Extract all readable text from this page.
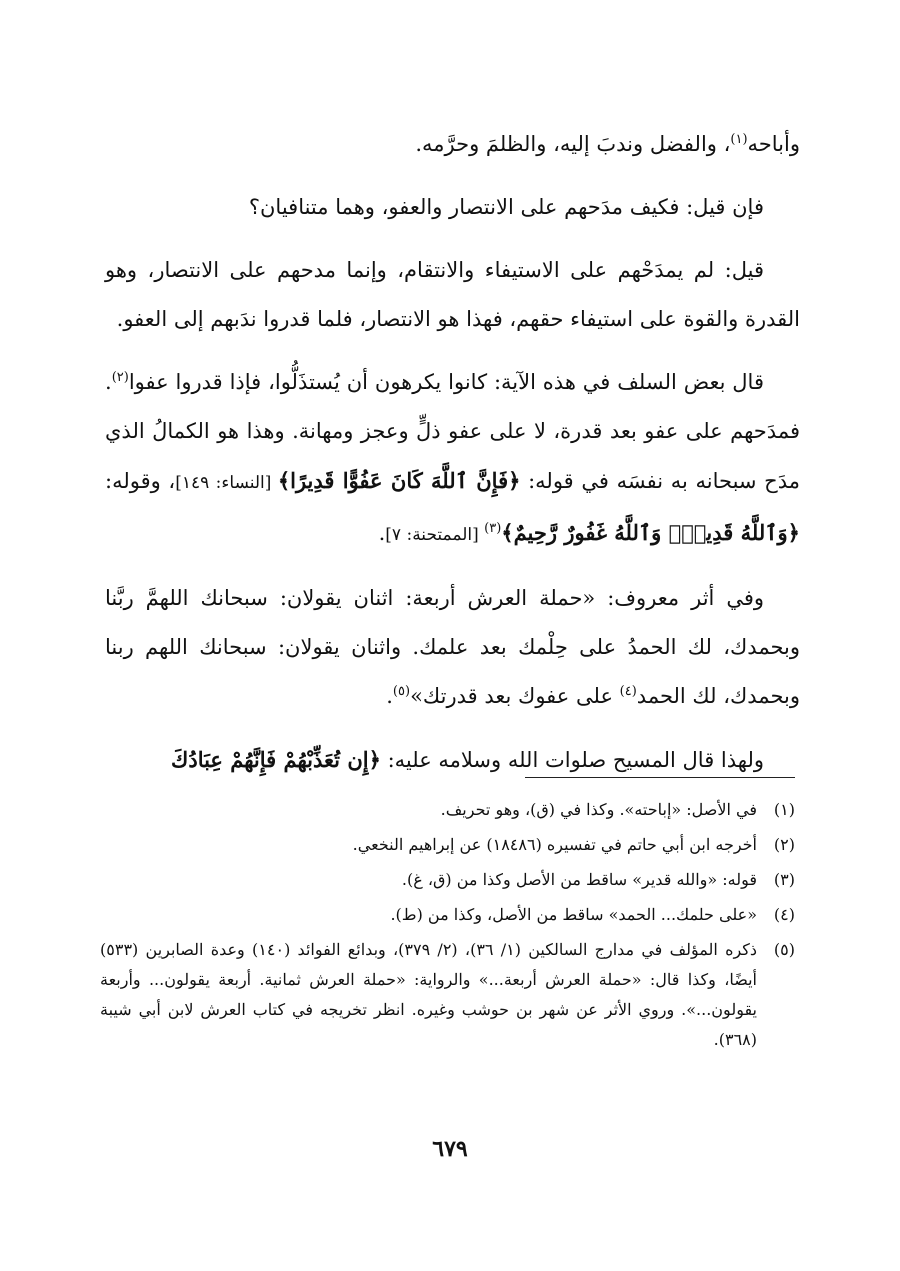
وأباحه$^{(١)}$، والفضل وندبَ إليه، والظلمَ وحرَّمه.

فإن قيل: فكيف مدَحهم على الانتصار والعفو، وهما متنافيان؟

قيل: لم يمدَحْهم على الاستيفاء والانتقام، وإنما مدحهم على الانتصار، وهو القدرة والقوة على استيفاء حقهم، فهذا هو الانتصار، فلما قدروا ندَبهم إلى العفو.

قال بعض السلف في هذه الآية: كانوا يكرهون أن يُستذَلُّوا، فإذا قدروا عفوا$^{(٢)}$. فمدَحهم على عفو بعد قدرة، لا على عفو ذلٍّ وعجز ومهانة. وهذا هو الكمالُ الذي مدَح سبحانه به نفسَه في قوله: ﴿فَإِنَّ ٱللَّهَ كَانَ عَفُوًّا قَدِيرًا﴾ [النساء: ١٤٩]، وقوله: ﴿وَٱللَّهُ قَدِيرٌۚ وَٱللَّهُ غَفُورٌ رَّحِيمٌ﴾$^{(٣)}$ [الممتحنة: ٧].

وفي أثر معروف: «حملة العرش أربعة: اثنان يقولان: سبحانك اللهمَّ ربَّنا وبحمدك، لك الحمدُ على حِلْمك بعد علمك. واثنان يقولان: سبحانك اللهم ربنا وبحمدك، لك الحمد$^{(٤)}$ على عفوك بعد قدرتك»$^{(٥)}$.

ولهذا قال المسيح صلوات الله وسلامه عليه: ﴿إِن تُعَذِّبْهُمْ فَإِنَّهُمْ عِبَادُكَ

(١)
في الأصل: «إباحته». وكذا في (ق)، وهو تحريف.
(٢)
أخرجه ابن أبي حاتم في تفسيره (١٨٤٨٦) عن إبراهيم النخعي.
(٣)
قوله: «والله قدير» ساقط من الأصل وكذا من (ق، غ).
(٤)
«على حلمك... الحمد» ساقط من الأصل، وكذا من (ط).
(٥)
ذكره المؤلف في مدارج السالكين (١/ ٣٦)، (٢/ ٣٧٩)، وبدائع الفوائد (١٤٠) وعدة الصابرين (٥٣٣) أيضًا، وكذا قال: «حملة العرش أربعة...» والرواية: «حملة العرش ثمانية. أربعة يقولون... وأربعة يقولون...». وروي الأثر عن شهر بن حوشب وغيره. انظر تخريجه في كتاب العرش لابن أبي شيبة (٣٦٨).
٦٧٩
